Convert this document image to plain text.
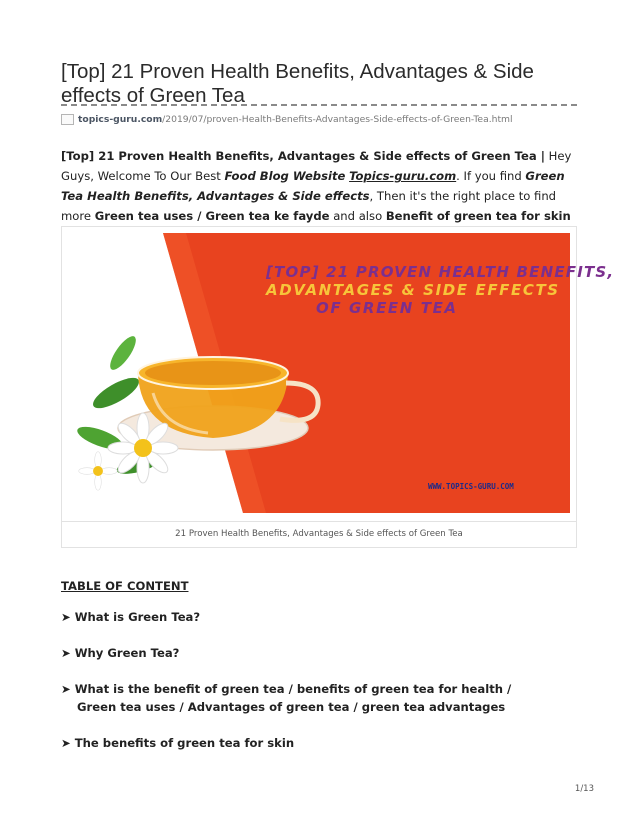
[Top] 21 Proven Health Benefits, Advantages & Side effects of Green Tea
topics-guru.com/2019/07/proven-Health-Benefits-Advantages-Side-effects-of-Green-Tea.html

[Top] 21 Proven Health Benefits, Advantages & Side effects of Green Tea | Hey Guys, Welcome To Our Best Food Blog Website Topics-guru.com. If you find Green Tea Health Benefits, Advantages & Side effects, Then it's the right place to find more Green tea uses / Green tea ke fayde and also Benefit of green tea for skin

[TOP] 21 PROVEN HEALTH BENEFITS,
ADVANTAGES & SIDE EFFECTS
OF GREEN TEA
WWW.TOPICS-GURU.COM
21 Proven Health Benefits, Advantages & Side effects of Green Tea
TABLE OF CONTENT
➤ What is Green Tea?
➤ Why Green Tea?
➤ What is the benefit of green tea / benefits of green tea for health /
Green tea uses / Advantages of green tea / green tea advantages
➤ The benefits of green tea for skin
1/13
